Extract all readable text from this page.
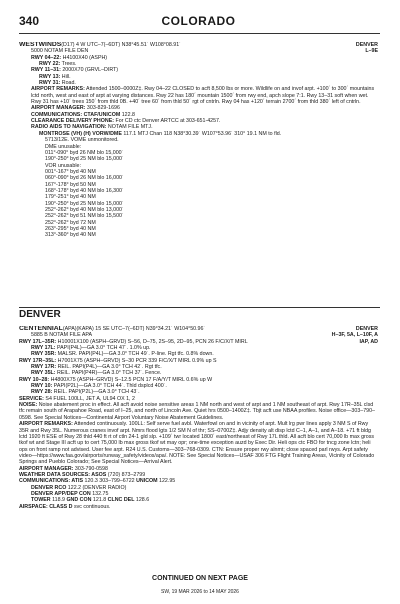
340	COLORADO
DENVER
L–9E
WESTWINDS(D17) 4 W UTC–7(–6DT) N38°45.51´ W108°08.91´
5000 NOTAM FILE DEN
RWY 04–22: H4100X40 (ASPH)
RWY 22: Trees.
RWY 11–31: 2000X70 (GRVL–DIRT)
RWY 13: Hill.
RWY 31: Road.
AIRPORT REMARKS: Attended 1500–0000Z‡. Rwy 04–22 CLOSED to acft 8,500 lbs or more. Wildlife on and invof arpt. +100´ to 300´ mountains lctd north, west and east of arpt at varying distances. Rwy 22 has 180´ mountain 1500´ from rwy end, apch slope 7:1. Rwy 13–31 soft when wet. Rwy 31 has +10´ trees 150´ from thld 0B. +40´ tree 60´ from thld 50´ rgt of cntrln. Rwy 04 has +120´ terrain 2700´ from thld 380´ left of cntrln.
AIRPORT MANAGER: 303-829-1696
COMMUNICATIONS: CTAF/UNICOM 122.8
CLEARANCE DELIVERY PHONE: For CD ctc Denver ARTCC at 303-651-4257.
RADIO AIDS TO NAVIGATION: NOTAM FILE MTJ.
MONTROSE (VH) (H) VORW/DME 117.1 MTJ Chan 118 N38°30.39´ W107°53.96´ 310° 19.1 NM to fld.
5713/12E. VOME unmonitored.
DME unusable:
011°-090° byd 26 NM blo 15,000´
190°-250° byd 25 NM blo 15,000´
VOR unusable:
001°-167° byd 40 NM
060°-090° byd 26 NM blo 16,000´
167°-178° byd 50 NM
168°-178° byd 40 NM blo 16,300´
179°-251° byd 40 NM
190°-250° byd 25 NM blo 15,000´
252°-262° byd 40 NM blo 13,000´
252°-262° byd 51 NM blo 15,500´
252°-262° byd 72 NM
263°-295° byd 40 NM
313°-360° byd 40 NM
DENVER
DENVER
H–3F, 5A, L–10F, A
IAP, AD
CENTENNIAL(APA)(KAPA) 15 SE UTC–7(–6DT) N39°34.21´ W104°50.96´
5885 B NOTAM FILE APA
RWY 17L–35R: H10001X100 (ASPH–GRVD) S–56, D–75, 2S–95, 2D–95, PCN 26 F/C/X/T MIRL
RWY 17L: PAPI(P4L)—GA 3.0° TCH 47´. 1.0% up.
RWY 35R: MALSR. PAPI(P4L)—GA 3.0° TCH 49´. P-line. Rgt tfc. 0.8% down.
RWY 17R–35L: H7001X75 (ASPH–GRVD) S–30 PCR 339 F/C/X/T MIRL 0.9% up S
RWY 17R: REIL. PAPI(P4L)—GA 3.0° TCH 42´. Rgt tfc.
RWY 35L: REIL. PAPI(P4R)—GA 3.0° TCH 37´. Fence.
RWY 10–28: H4800X75 (ASPH–GRVD) S–12.5 PCN 17 F/A/Y/T MIRL 0.6% up W
RWY 10: PAPI(P2L)—GA 3.0° TCH 44´. Thld dsplcd 400´.
RWY 28: REIL. PAPI(P2L)—GA 3.0° TCH 43´.
SERVICE: S4 FUEL 100LL, JET A, UL94 OX 1, 2
NOISE: Noise abatement proc in effect. All acft avoid noise sensitive areas 1 NM north and west of arpt and 1 NM southeast of arpt. Rwy 17R–35L clsd tfc remain south of Arapahoe Road, east of I–25, and north of Lincoln Ave. Quiet hrs 0500–1400Z‡. Tbjt acft use NBAA profiles. Noise office—303–790–0598. See Special Notices—Continental Airport Voluntary Noise Abatement Guidelines.
AIRPORT REMARKS: Attended continuously. 100LL: Self serve fuel avbl. Waterfowl on and in vicinity of arpt. Mult lrg pwr lines apply 3 NM S of Rwy 35R and Rwy 35L. Numerous cranes invof arpt. Nmrs flood lgts 1/2 SM N of thr; SS–0700Z‡. Adjy density alt disp lctd C–1, A–1, and A–18. +71 ft bldg lctd 1920 ft ESE of Rwy 28 thld 440 ft rt of ctln 24-1 gld slp. +109´ twr located 1800´ east/northeast of Rwy 17L thld. All acft blo cert 70,000 lb max gross tkof wt and Stage III acft up to cert 75,000 lb max gross tkof wt may opr; one-time exception auzd by Exec Dir. Heli ops ctc FBO for tncg zone lctn; heli ops on front ramp not advised. User fee arpt. R24 U.S. Customs—303–768-0309. CTN: Ensure proper rwy alnmt; close spaced parl rwys. Arpt safety video—https://www.faa.gov/airports/runway_safety/videos/apa/. NOTE: See Special Notices—USAF 306 FTG Flight Training Areas, Vicinity of Colorado Springs and Pueblo Colorado; See Special Notices—Arrival Alert.
AIRPORT MANAGER: 303-790-0598
WEATHER DATA SOURCES: ASOS (720) 873–2799
COMMUNICATIONS: ATIS 120.3 303–799–6722 UNICOM 122.95
DENVER RCO 122.2 (DENVER RADIO)
DENVER APP/DEP CON 132.75
TOWER 118.9 GND CON 121.8 CLNC DEL 128.6
AIRSPACE: CLASS D svc continuous.
CONTINUED ON NEXT PAGE
SW, 19 MAR 2026 to 14 MAY 2026
